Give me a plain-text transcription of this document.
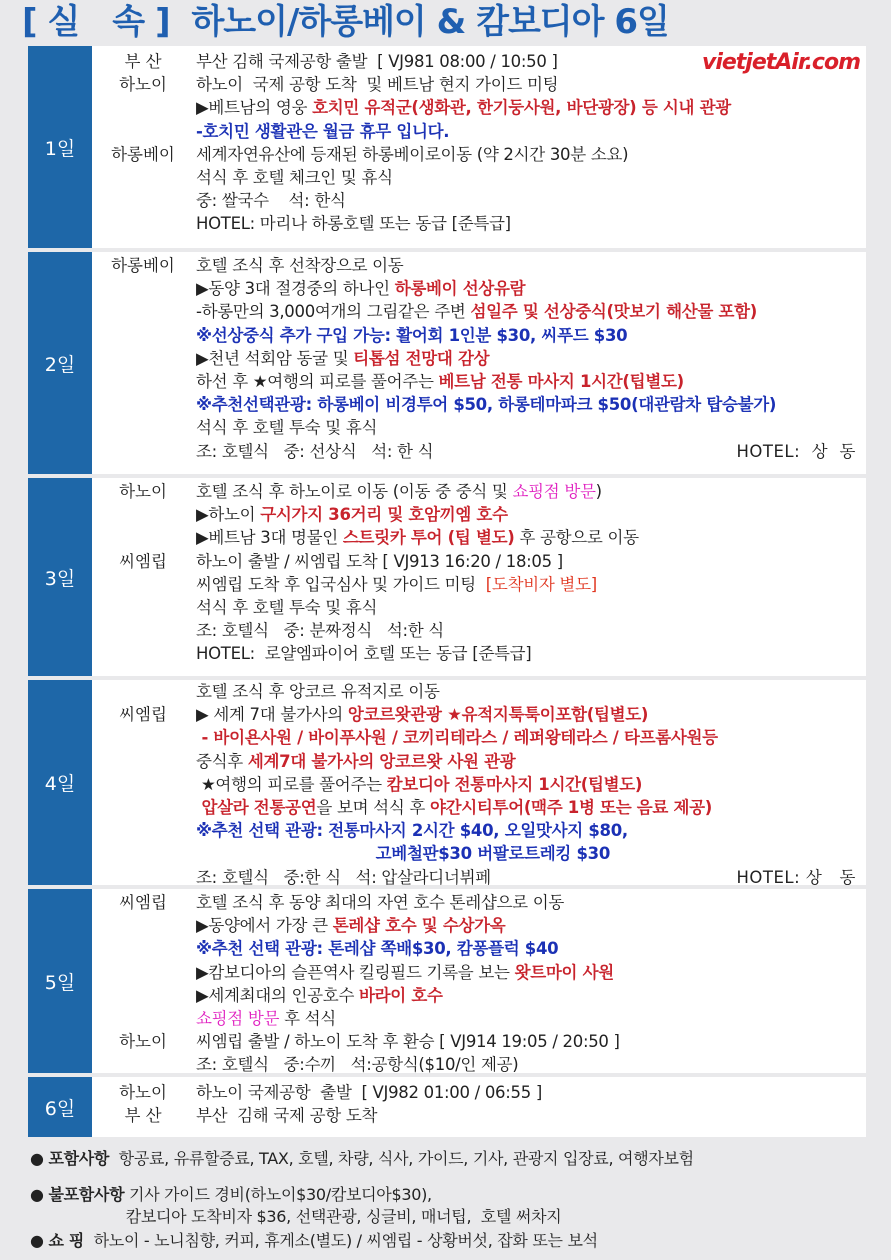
[실 속] 하노이/하롱베이 & 캄보디아 6일
1일
vietjetAir.com
부 산	부산 김해 국제공항 출발  [ VJ981 08:00 / 10:50 ]
하노이	하노이  국제 공항 도착  및 베트남 현지 가이드 미팅
▶베트남의 영웅 호치민 유적군(생화관, 한기둥사원, 바단광장) 등 시내 관광
-호치민 생활관은 월금 휴무 입니다.
하롱베이	세계자연유산에 등재된 하롱베이로이동 (약 2시간 30분 소요)
석식 후 호텔 체크인 및 휴식
중: 쌀국수    석: 한식
HOTEL: 마리나 하롱호텔 또는 동급 [준특급]
2일
하롱베이	호텔 조식 후 선착장으로 이동
▶동양 3대 절경중의 하나인 하롱베이 선상유람
-하롱만의 3,000여개의 그림같은 주변 섬일주 및 선상중식(맛보기 해산물 포함)
※선상중식 추가 구입 가능: 활어회 1인분 $30, 씨푸드 $30
▶천년 석회암 동굴 및 티톱섬 전망대 감상
하선 후 ★여행의 피로를 풀어주는 베트남 전통 마사지 1시간(팁별도)
※추천선택관광: 하롱베이 비경투어 $50, 하롱테마파크 $50(대관람차 탑승불가)
석식 후 호텔 투숙 및 휴식
조: 호텔식   중: 선상식   석: 한 식	HOTEL:  상  동
3일
하노이	호텔 조식 후 하노이로 이동 (이동 중 중식 및 쇼핑점 방문)
▶하노이 구시가지 36거리 및 호암끼엠 호수
▶베트남 3대 명물인 스트릿카 투어 (팁 별도) 후 공항으로 이동
씨엠립	하노이 출발 / 씨엠립 도착 [ VJ913 16:20 / 18:05 ]
씨엠립 도착 후 입국심사 및 가이드 미팅  [도착비자 별도]
석식 후 호텔 투숙 및 휴식
조: 호텔식   중: 분짜정식   석:한 식
HOTEL:  로얄엠파이어 호텔 또는 동급 [준특급]
4일
호텔 조식 후 앙코르 유적지로 이동
씨엠립	▶ 세계 7대 불가사의 앙코르왓관광 ★유적지툭툭이포함(팁별도)
- 바이욘사원 / 바이푸사원 / 코끼리테라스 / 레퍼왕테라스 / 타프롬사원등
중식후 세계7대 불가사의 앙코르왓 사원 관광
★여행의 피로를 풀어주는 캄보디아 전통마사지 1시간(팁별도)
압살라 전통공연을 보며 석식 후 야간시티투어(맥주 1병 또는 음료 제공)
※추천 선택 관광: 전통마사지 2시간 $40, 오일맛사지 $80,
고베철판$30 버팔로트레킹 $30
조: 호텔식   중:한 식   석: 압살라디너뷔페	HOTEL: 상   동
5일
씨엠립	호텔 조식 후 동양 최대의 자연 호수 톤레샵으로 이동
▶동양에서 가장 큰 톤레샵 호수 및 수상가옥
※추천 선택 관광: 톤레샵 쪽배$30, 캄퐁플럭 $40
▶캄보디아의 슬픈역사 킬링필드 기록을 보는 왓트마이 사원
▶세계최대의 인공호수 바라이 호수
쇼핑점 방문 후 석식
하노이	씨엠립 출발 / 하노이 도착 후 환승 [ VJ914 19:05 / 20:50 ]
조: 호텔식   중:수끼   석:공항식($10/인 제공)
6일
하노이	하노이 국제공항  출발  [ VJ982 01:00 / 06:55 ]
부 산	부산  김해 국제 공항 도착
● 포함사항  항공료, 유류할증료, TAX, 호텔, 차량, 식사, 가이드, 기사, 관광지 입장료, 여행자보험
● 불포함사항 기사 가이드 경비(하노이$30/캄보디아$30),
캄보디아 도착비자 $36, 선택관광, 싱글비, 매너팁,  호텔 써차지
● 쇼 핑  하노이 - 노니침향, 커피, 휴게소(별도) / 씨엠립 - 상황버섯, 잡화 또는 보석
